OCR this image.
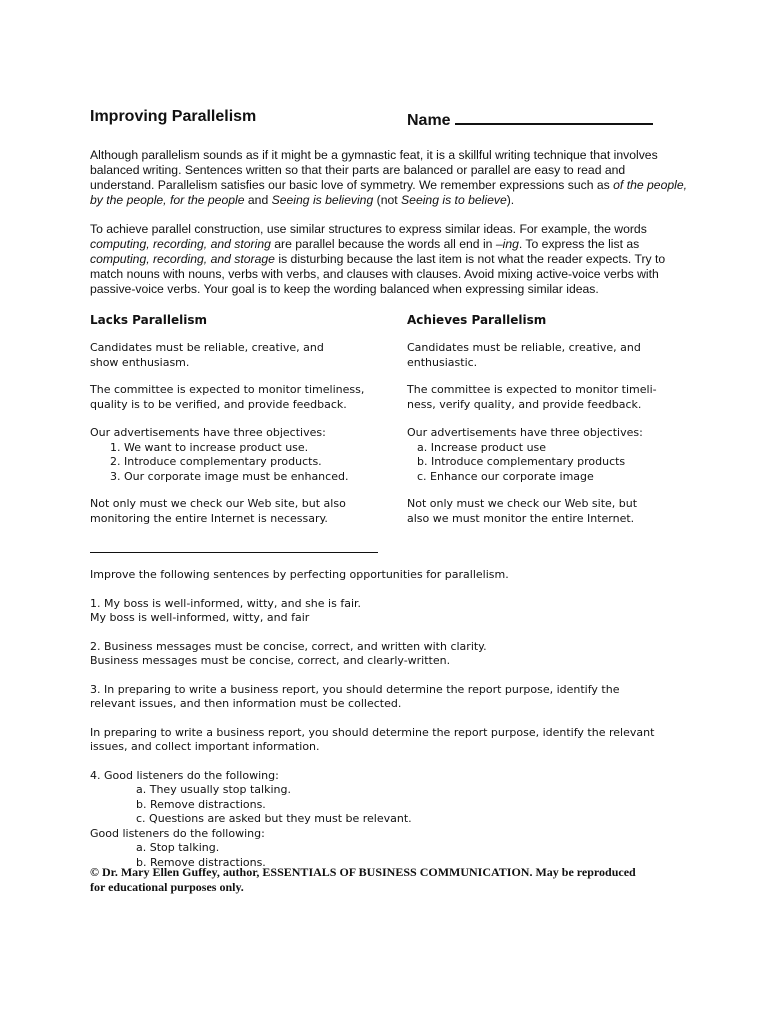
Improving Parallelism	Name

Although parallelism sounds as if it might be a gymnastic feat, it is a skillful writing technique that involves balanced writing. Sentences written so that their parts are balanced or parallel are easy to read and understand. Parallelism satisfies our basic love of symmetry. We remember expressions such as of the people, by the people, for the people and Seeing is believing (not Seeing is to believe).

To achieve parallel construction, use similar structures to express similar ideas. For example, the words computing, recording, and storing are parallel because the words all end in –ing. To express the list as computing, recording, and storage is disturbing because the last item is not what the reader expects. Try to match nouns with nouns, verbs with verbs, and clauses with clauses. Avoid mixing active-voice verbs with passive-voice verbs. Your goal is to keep the wording balanced when expressing similar ideas.

Lacks Parallelism

Candidates must be reliable, creative, and

show enthusiasm.

The committee is expected to monitor timeliness,

quality is to be verified, and provide feedback.

Our advertisements have three objectives:

1. We want to increase product use.

2. Introduce complementary products.

3. Our corporate image must be enhanced.

Not only must we check our Web site, but also

monitoring the entire Internet is necessary.

Achieves Parallelism

Candidates must be reliable, creative, and

enthusiastic.

The committee is expected to monitor timeli-

ness, verify quality, and provide feedback.

Our advertisements have three objectives:

a. Increase product use

b. Introduce complementary products

c. Enhance our corporate image

Not only must we check our Web site, but

also we must monitor the entire Internet.

Improve the following sentences by perfecting opportunities for parallelism.

1. My boss is well-informed, witty, and she is fair.

My boss is well-informed, witty, and fair

2. Business messages must be concise, correct, and written with clarity.

Business messages must be concise, correct, and clearly-written.

3. In preparing to write a business report, you should determine the report purpose, identify the

relevant issues, and then information must be collected.

In preparing to write a business report, you should determine the report purpose, identify the relevant

issues, and collect important information.

4. Good listeners do the following:

a. They usually stop talking.

b. Remove distractions.

c. Questions are asked but they must be relevant.

Good listeners do the following:

a. Stop talking.

b. Remove distractions.

© Dr. Mary Ellen Guffey, author, ESSENTIALS OF BUSINESS COMMUNICATION. May be reproduced

for educational purposes only.
